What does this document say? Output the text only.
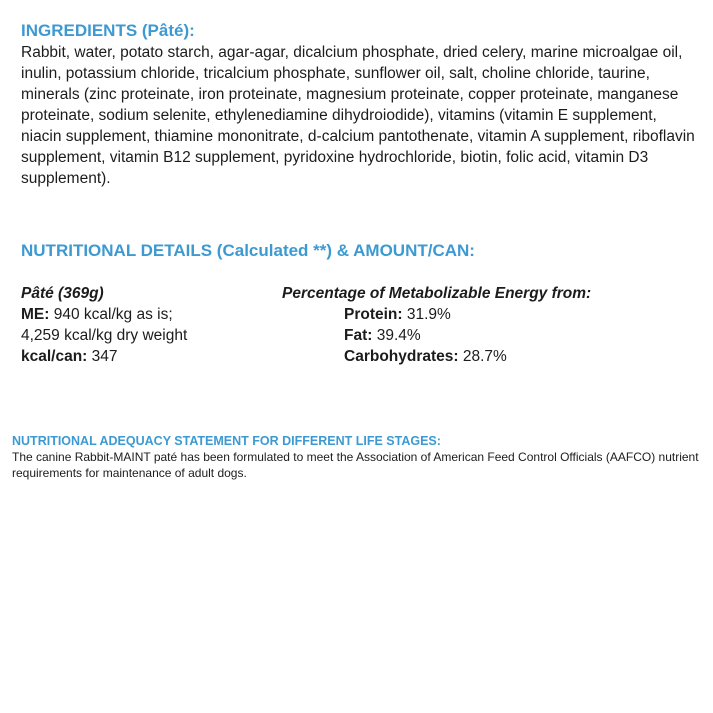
INGREDIENTS (Pâté):

Rabbit, water, potato starch, agar-agar, dicalcium phosphate, dried celery, marine microalgae oil, inulin, potassium chloride, tricalcium phosphate, sunflower oil, salt, choline chloride, taurine, minerals (zinc proteinate, iron proteinate, magnesium proteinate, copper proteinate, manganese proteinate, sodium selenite, ethylenediamine dihydroiodide), vitamins (vitamin E supplement, niacin supplement, thiamine mononitrate, d-calcium pantothenate, vitamin A supplement, riboflavin supplement, vitamin B12 supplement, pyridoxine hydrochloride, biotin, folic acid, vitamin D3 supplement).

NUTRITIONAL DETAILS (Calculated **) & AMOUNT/CAN:
Pâté (369g)
ME: 940 kcal/kg as is;
4,259 kcal/kg dry weight
kcal/can: 347
Percentage of Metabolizable Energy from:
Protein: 31.9%
Fat: 39.4%
Carbohydrates: 28.7%
NUTRITIONAL ADEQUACY STATEMENT FOR DIFFERENT LIFE STAGES:

The canine Rabbit-MAINT paté has been formulated to meet the Association of American Feed Control Officials (AAFCO) nutrient requirements for maintenance of adult dogs.
